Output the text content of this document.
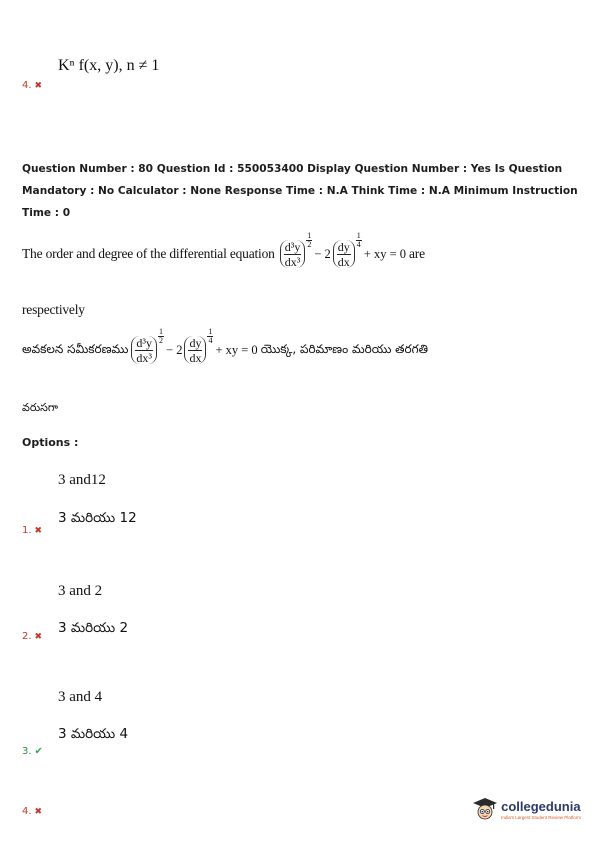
Kⁿ f(x, y), n ≠ 1
4. ✖
Question Number : 80 Question Id : 550053400 Display Question Number : Yes Is Question
Mandatory : No Calculator : None Response Time : N.A Think Time : N.A Minimum Instruction
Time : 0
The order and degree of the differential equation $\frac{\text{d³y}}{\text{dx³}}$
$\frac{1}{2}$
− $2 \frac{dy}{dx}$
$\frac{1}{4}$
+ xy = 0 are
respectively
అవకలన సమీకరణము $\frac{\text{d³y}}{\text{dx³}}$
$\frac{1}{2}$
− $2 \frac{dy}{dx}$
$\frac{1}{4}$
+ xy = 0 యొక్క, పరిమాణం మరియు తరగతి
వరుసగా
Options :
3 and12
3 మరియు 12
1. ✖
3 and 2
3 మరియు 2
2. ✖
3 and 4
3 మరియు 4
3. ✔
4. ✖	collegedunia
India's Largest Student Review Platform
